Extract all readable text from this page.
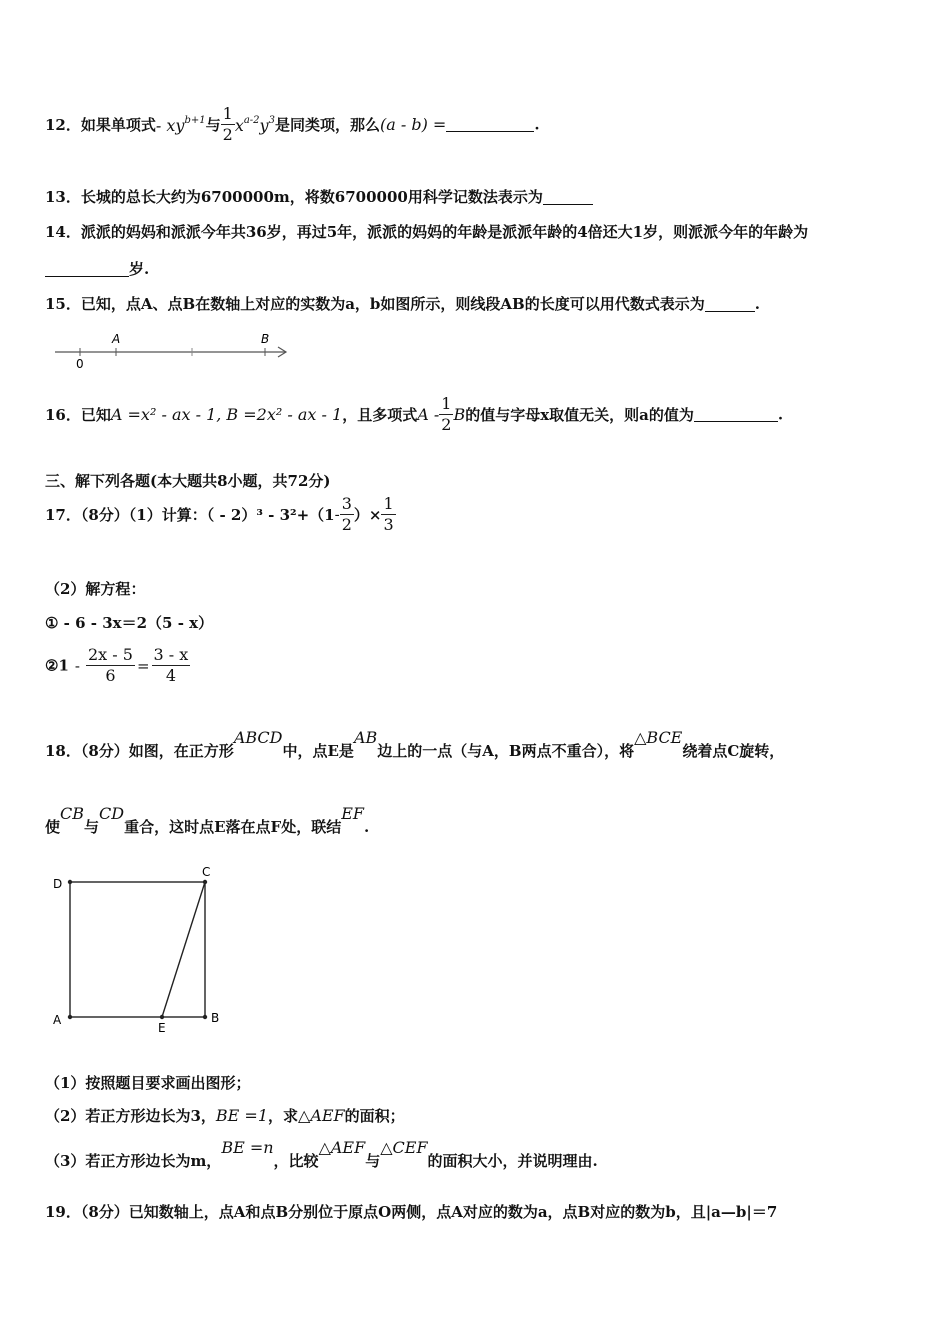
12．如果单项式- $xy^{b+1}$与 $\frac{1}{2} x^{a-2}y^3$是同类项，那么(a - b) =	.
13．长城的总长大约为6700000m，将数6700000用科学记数法表示为
14．派派的妈妈和派派今年共36岁，再过5年，派派的妈妈的年龄是派派年龄的4倍还大1岁，则派派今年的年龄为
岁.
15．已知，点A、点B在数轴上对应的实数为a，b如图所示，则线段AB的长度可以用代数式表示为	.
0
A	B
16．已知A =x² - ax - 1, B =2x² - ax - 1，且多项式A - $\frac{1}{2}$ B的值与字母x取值无关，则a的值为	.
三、解下列各题(本大题共8小题，共72分)
17．（8分）（1）计算：（ - $2)^3 - 3^2+(1- \frac{3}{2}$ ）× $\frac{1}{3}$
（2）解方程：
① - 6 - 3x＝2（5 - x）
②1 - $\frac{2x - 5}{6} = \frac{3 - x}{4}$
18．（8分）如图，在正方形ABCD中，点E是AB边上的一点（与A，B两点不重合），将△BCE绕着点C旋转，
使CB与CD重合，这时点E落在点F处，联结EF.
D
C
A
E
B
（1）按照题目要求画出图形；
（2）若正方形边长为3，BE =1，求△AEF的面积；
（3）若正方形边长为m，BE =n，比较△AEF与△CEF的面积大小，并说明理由.
19．（8分）已知数轴上，点A和点B分别位于原点O两侧，点A对应的数为a，点B对应的数为b，且|a—b|＝7
